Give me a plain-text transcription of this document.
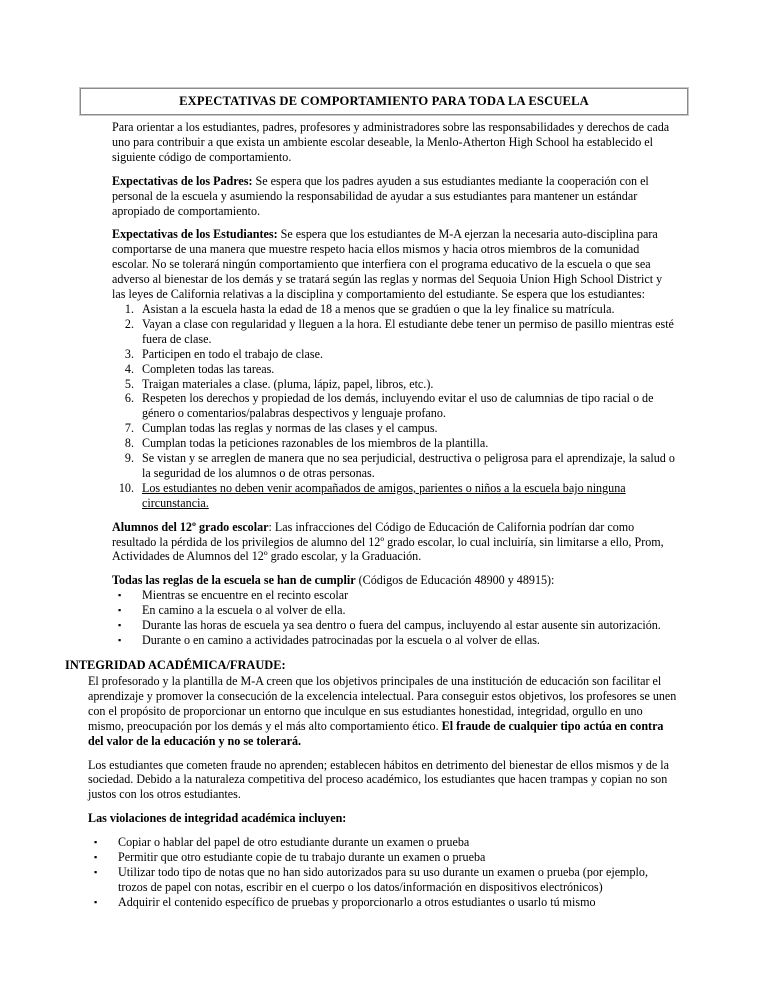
EXPECTATIVAS DE COMPORTAMIENTO PARA TODA LA ESCUELA

Para orientar a los estudiantes, padres, profesores y administradores sobre las responsabilidades y derechos de cada uno para contribuir a que exista un ambiente escolar deseable, la Menlo-Atherton High School ha establecido el siguiente código de comportamiento.

Expectativas de los Padres: Se espera que los padres ayuden a sus estudiantes mediante la cooperación con el personal de la escuela y asumiendo la responsabilidad de ayudar a sus estudiantes para mantener un estándar apropiado de comportamiento.

Expectativas de los Estudiantes: Se espera que los estudiantes de M-A ejerzan la necesaria auto-disciplina para comportarse de una manera que muestre respeto hacia ellos mismos y hacia otros miembros de la comunidad escolar. No se tolerará ningún comportamiento que interfiera con el programa educativo de la escuela o que sea adverso al bienestar de los demás y se tratará según las reglas y normas del Sequoia Union High School District y las leyes de California relativas a la disciplina y comportamiento del estudiante. Se espera que los estudiantes:

1. Asistan a la escuela hasta la edad de 18 a menos que se gradúen o que la ley finalice su matrícula.
2. Vayan a clase con regularidad y lleguen a la hora. El estudiante debe tener un permiso de pasillo mientras esté fuera de clase.
3. Participen en todo el trabajo de clase.
4. Completen todas las tareas.
5. Traigan materiales a clase. (pluma, lápiz, papel, libros, etc.).
6. Respeten los derechos y propiedad de los demás, incluyendo evitar el uso de calumnias de tipo racial o de género o comentarios/palabras despectivos y lenguaje profano.
7. Cumplan todas las reglas y normas de las clases y el campus.
8. Cumplan todas la peticiones razonables de los miembros de la plantilla.
9. Se vistan y se arreglen de manera que no sea perjudicial, destructiva o peligrosa para el aprendizaje, la salud o la seguridad de los alumnos o de otras personas.
10. Los estudiantes no deben venir acompañados de amigos, parientes o niños a la escuela bajo ninguna circunstancia.

Alumnos del 12º grado escolar: Las infracciones del Código de Educación de California podrían dar como resultado la pérdida de los privilegios de alumno del 12º grado escolar, lo cual incluiría, sin limitarse a ello, Prom, Actividades de Alumnos del 12º grado escolar, y la Graduación.

Todas las reglas de la escuela se han de cumplir (Códigos de Educación 48900 y 48915):

▪ Mientras se encuentre en el recinto escolar
▪ En camino a la escuela o al volver de ella.
▪ Durante las horas de escuela ya sea dentro o fuera del campus, incluyendo al estar ausente sin autorización.
▪ Durante o en camino a actividades patrocinadas por la escuela o al volver de ellas.
INTEGRIDAD ACADÉMICA/FRAUDE:

El profesorado y la plantilla de M-A creen que los objetivos principales de una institución de educación son facilitar el aprendizaje y promover la consecución de la excelencia intelectual. Para conseguir estos objetivos, los profesores se unen con el propósito de proporcionar un entorno que inculque en sus estudiantes honestidad, integridad, orgullo en uno mismo, preocupación por los demás y el más alto comportamiento ético. El fraude de cualquier tipo actúa en contra del valor de la educación y no se tolerará.

Los estudiantes que cometen fraude no aprenden; establecen hábitos en detrimento del bienestar de ellos mismos y de la sociedad. Debido a la naturaleza competitiva del proceso académico, los estudiantes que hacen trampas y copian no son justos con los otros estudiantes.

Las violaciones de integridad académica incluyen:

▪ Copiar o hablar del papel de otro estudiante durante un examen o prueba
▪ Permitir que otro estudiante copie de tu trabajo durante un examen o prueba
▪ Utilizar todo tipo de notas que no han sido autorizados para su uso durante un examen o prueba (por ejemplo, trozos de papel con notas, escribir en el cuerpo o los datos/información en dispositivos electrónicos)
▪ Adquirir el contenido específico de pruebas y proporcionarlo a otros estudiantes o usarlo tú mismo
